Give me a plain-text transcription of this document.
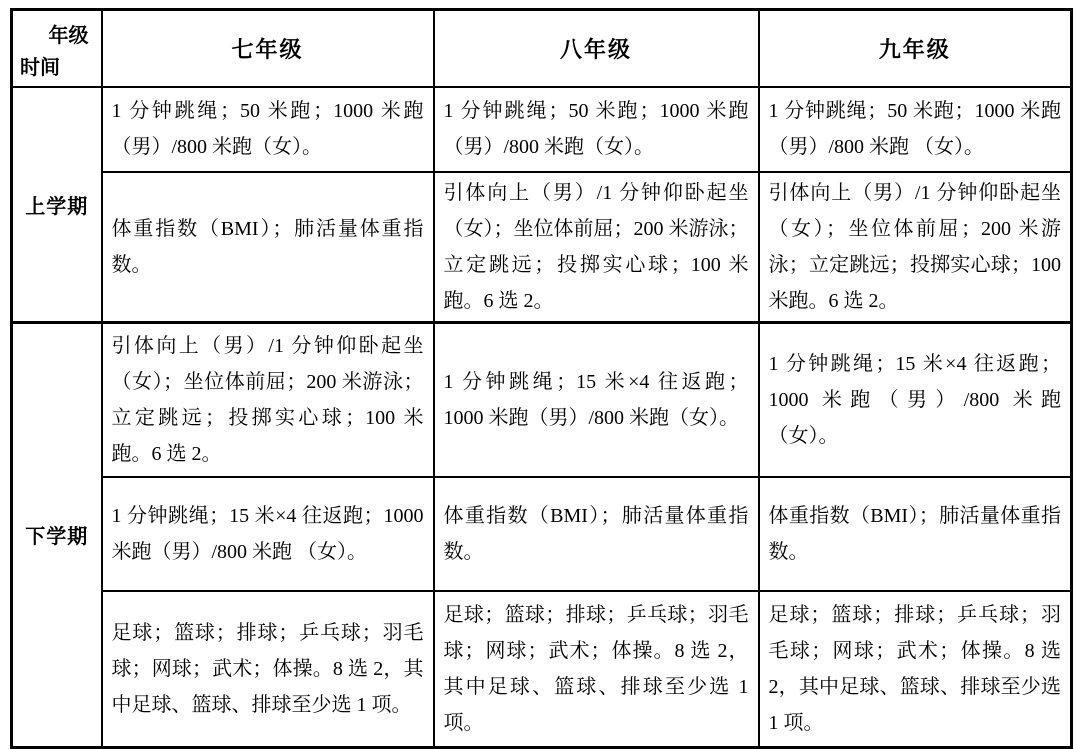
年级
时间	七年级	八年级	九年级
上学期	1 分钟跳绳；50 米跑；1000 米跑（男）/800 米跑（女）。	1 分钟跳绳；50 米跑；1000 米跑（男）/800 米跑（女）。	1 分钟跳绳；50 米跑；1000 米跑（男）/800 米跑 （女）。
	体重指数（BMI）；肺活量体重指数。	引体向上（男）/1 分钟仰卧起坐（女）；坐位体前屈；200 米游泳；立定跳远；投掷实心球；100 米跑。6 选 2。	引体向上（男）/1 分钟仰卧起坐（女）；坐位体前屈；200 米游泳；立定跳远；投掷实心球；100 米跑。6 选 2。
下学期	引体向上（男）/1 分钟仰卧起坐（女）；坐位体前屈；200 米游泳；立定跳远；投掷实心球；100 米跑。6 选 2。	1 分钟跳绳；15 米×4 往返跑；1000 米跑（男）/800 米跑（女）。	1 分钟跳绳；15 米×4 往返跑；1000 米跑（男）/800 米跑 （女）。
	1 分钟跳绳；15 米×4 往返跑；1000 米跑（男）/800 米跑 （女）。	体重指数（BMI）；肺活量体重指数。	体重指数（BMI）；肺活量体重指数。
	足球；篮球；排球；乒乓球；羽毛球；网球；武术；体操。8 选 2，其中足球、篮球、排球至少选 1 项。	足球；篮球；排球；乒乓球；羽毛球；网球；武术；体操。8 选 2，其中足球、篮球、排球至少选 1 项。	足球；篮球；排球；乒乓球；羽毛球；网球；武术；体操。8 选 2，其中足球、篮球、排球至少选 1 项。
